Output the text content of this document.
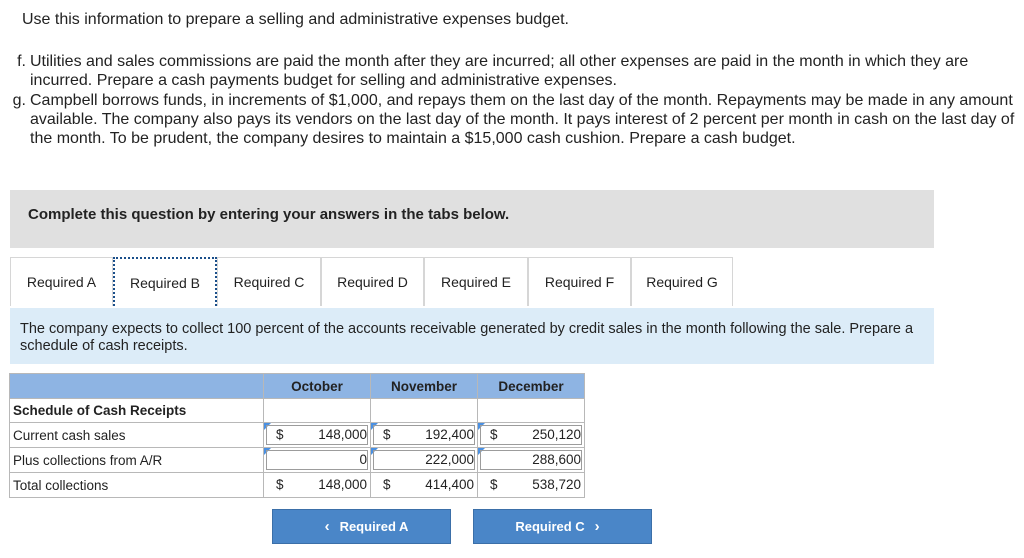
Use this information to prepare a selling and administrative expenses budget.
f. Utilities and sales commissions are paid the month after they are incurred; all other expenses are paid in the month in which they are incurred. Prepare a cash payments budget for selling and administrative expenses.
g. Campbell borrows funds, in increments of $1,000, and repays them on the last day of the month. Repayments may be made in any amount available. The company also pays its vendors on the last day of the month. It pays interest of 2 percent per month in cash on the last day of the month. To be prudent, the company desires to maintain a $15,000 cash cushion. Prepare a cash budget.
Complete this question by entering your answers in the tabs below.
Required A	Required B	Required C	Required D	Required E	Required F	Required G

The company expects to collect 100 percent of the accounts receivable generated by credit sales in the month following the sale. Prepare a schedule of cash receipts.

	October	November	December
Schedule of Cash Receipts			
Current cash sales	$ 148,000	$ 192,400	$ 250,120

Plus collections from A/R	0	222,000	288,600

Total collections	$ 148,000	$ 414,400	$ 538,720
‹ Required A	Required C ›
